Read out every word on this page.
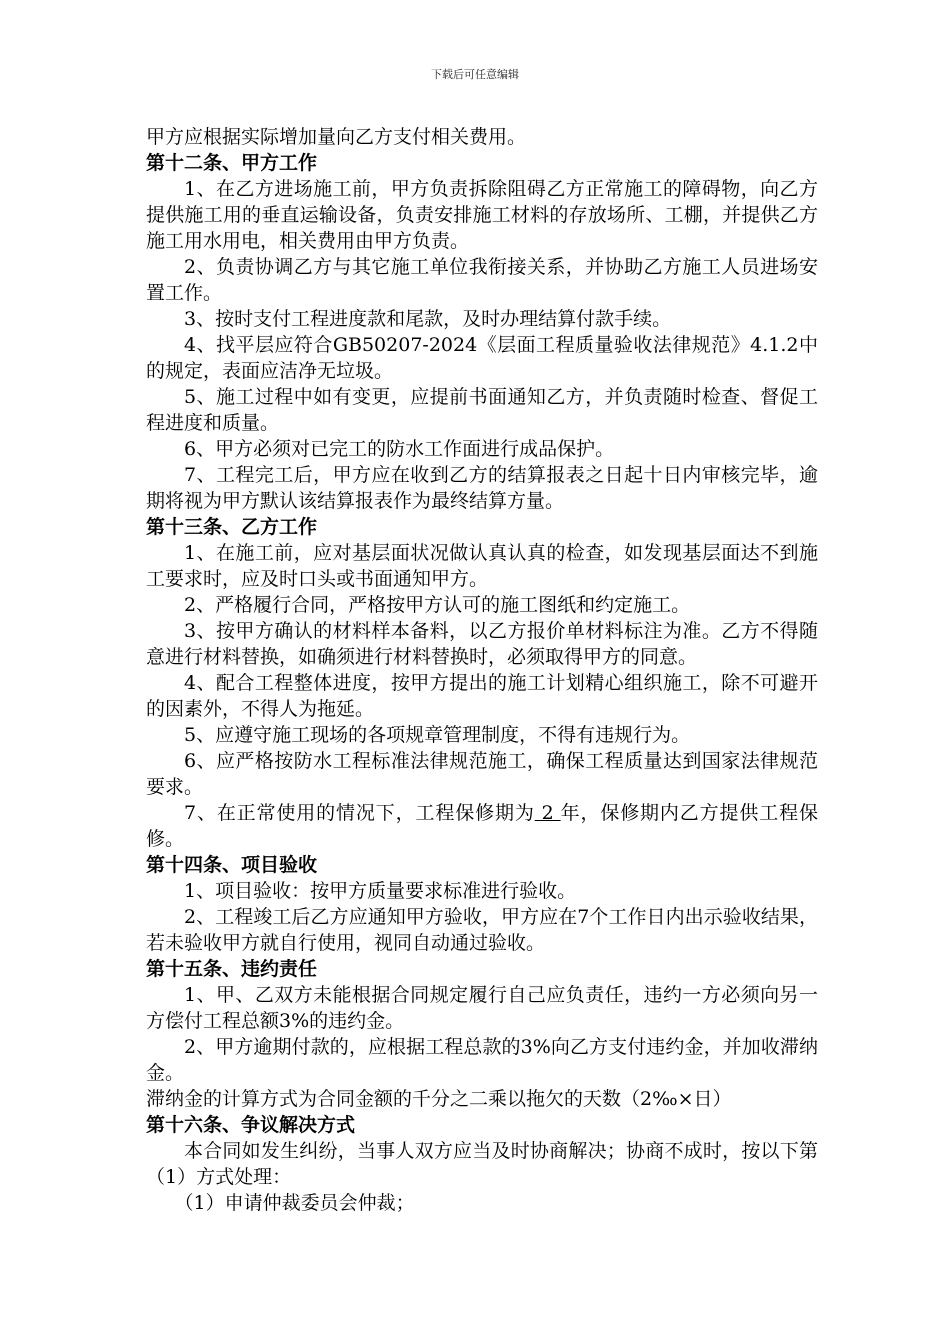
下载后可任意编辑

甲方应根据实际增加量向乙方支付相关费用。

第十二条、甲方工作

1、在乙方进场施工前，甲方负责拆除阻碍乙方正常施工的障碍物，向乙方提供施工用的垂直运输设备，负责安排施工材料的存放场所、工棚，并提供乙方施工用水用电，相关费用由甲方负责。

2、负责协调乙方与其它施工单位我衔接关系，并协助乙方施工人员进场安置工作。

3、按时支付工程进度款和尾款，及时办理结算付款手续。

4、找平层应符合GB50207-2024《层面工程质量验收法律规范》4.1.2中的规定，表面应洁净无垃圾。

5、施工过程中如有变更，应提前书面通知乙方，并负责随时检查、督促工程进度和质量。

6、甲方必须对已完工的防水工作面进行成品保护。

7、工程完工后，甲方应在收到乙方的结算报表之日起十日内审核完毕，逾期将视为甲方默认该结算报表作为最终结算方量。

第十三条、乙方工作

1、在施工前，应对基层面状况做认真认真的检查，如发现基层面达不到施工要求时，应及时口头或书面通知甲方。

2、严格履行合同，严格按甲方认可的施工图纸和约定施工。

3、按甲方确认的材料样本备料，以乙方报价单材料标注为准。乙方不得随意进行材料替换，如确须进行材料替换时，必须取得甲方的同意。

4、配合工程整体进度，按甲方提出的施工计划精心组织施工，除不可避开的因素外，不得人为拖延。

5、应遵守施工现场的各项规章管理制度，不得有违规行为。

6、应严格按防水工程标准法律规范施工，确保工程质量达到国家法律规范要求。

7、在正常使用的情况下，工程保修期为 2 年，保修期内乙方提供工程保修。

第十四条、项目验收

1、项目验收：按甲方质量要求标准进行验收。

2、工程竣工后乙方应通知甲方验收，甲方应在7个工作日内出示验收结果，若未验收甲方就自行使用，视同自动通过验收。

第十五条、违约责任

1、甲、乙双方未能根据合同规定履行自己应负责任，违约一方必须向另一方偿付工程总额3%的违约金。

2、甲方逾期付款的，应根据工程总款的3%向乙方支付违约金，并加收滞纳金。

滞纳金的计算方式为合同金额的千分之二乘以拖欠的天数（2‰×日）

第十六条、争议解决方式

本合同如发生纠纷，当事人双方应当及时协商解决；协商不成时，按以下第（1）方式处理：

（1）申请仲裁委员会仲裁；
